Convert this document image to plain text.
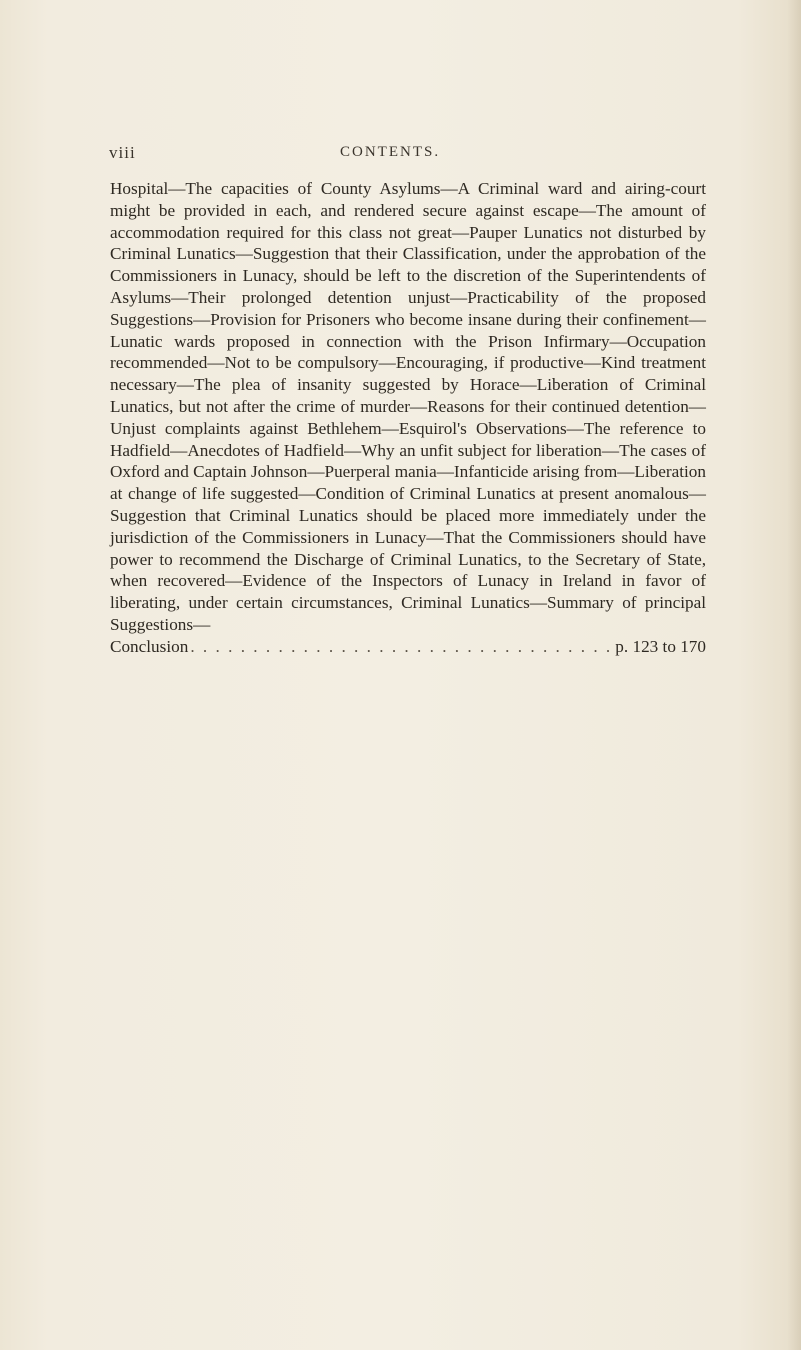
viii	CONTENTS.
Hospital—The capacities of County Asylums—A Criminal ward and airing-court might be provided in each, and rendered secure against escape—The amount of accommodation required for this class not great—Pauper Lunatics not disturbed by Criminal Lunatics—Suggestion that their Classification, under the approbation of the Commissioners in Lunacy, should be left to the discretion of the Superintendents of Asylums—Their prolonged detention unjust—Practicability of the proposed Suggestions—Provision for Prisoners who become insane during their confinement—Lunatic wards proposed in connection with the Prison Infirmary—Occupation recommended—Not to be compulsory—Encouraging, if productive—Kind treatment necessary—The plea of insanity suggested by Horace—Liberation of Criminal Lunatics, but not after the crime of murder—Reasons for their continued detention—Unjust complaints against Bethlehem—Esquirol's Observations—The reference to Hadfield—Anecdotes of Hadfield—Why an unfit subject for liberation—The cases of Oxford and Captain Johnson—Puerperal mania—Infanticide arising from—Liberation at change of life suggested—Condition of Criminal Lunatics at present anomalous—Suggestion that Criminal Lunatics should be placed more immediately under the jurisdiction of the Commissioners in Lunacy—That the Commissioners should have power to recommend the Discharge of Criminal Lunatics, to the Secretary of State, when recovered—Evidence of the Inspectors of Lunacy in Ireland in favor of liberating, under certain circumstances, Criminal Lunatics—Summary of principal Suggestions—
Conclusion
. . .	p. 123 to 170
